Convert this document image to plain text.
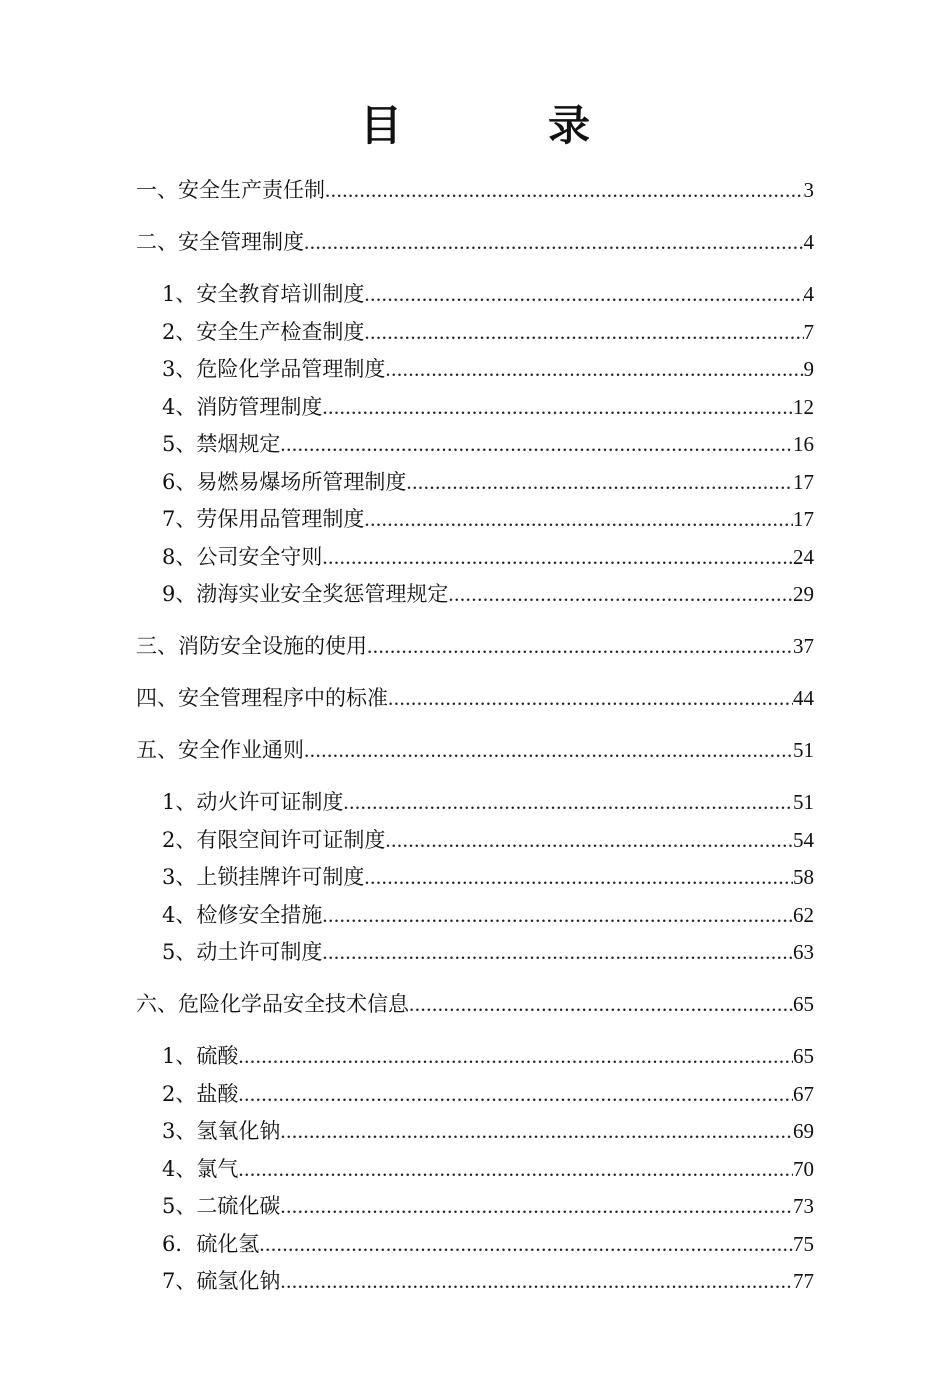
目　录
一、安全生产责任制 .....	3
二、安全管理制度 .....	4
1、安全教育培训制度 .....	4
2、安全生产检查制度 .....	7
3、危险化学品管理制度 .....	9
4、消防管理制度 .....	12
5、禁烟规定 .....	16
6、易燃易爆场所管理制度 .....	17
7、劳保用品管理制度 .....	17
8、公司安全守则 .....	24
9、渤海实业安全奖惩管理规定 .....	29
三、消防安全设施的使用 .....	37
四、安全管理程序中的标准 .....	44
五、安全作业通则 .....	51
1、动火许可证制度 .....	51
2、有限空间许可证制度 .....	54
3、上锁挂牌许可制度 .....	58
4、检修安全措施 .....	62
5、动土许可制度 .....	63
六、危险化学品安全技术信息 .....	65
1、硫酸 .....	65
2、盐酸 .....	67
3、氢氧化钠 .....	69
4、氯气 .....	70
5、二硫化碳 .....	73
6．硫化氢 .....	75
7、硫氢化钠 .....	77
